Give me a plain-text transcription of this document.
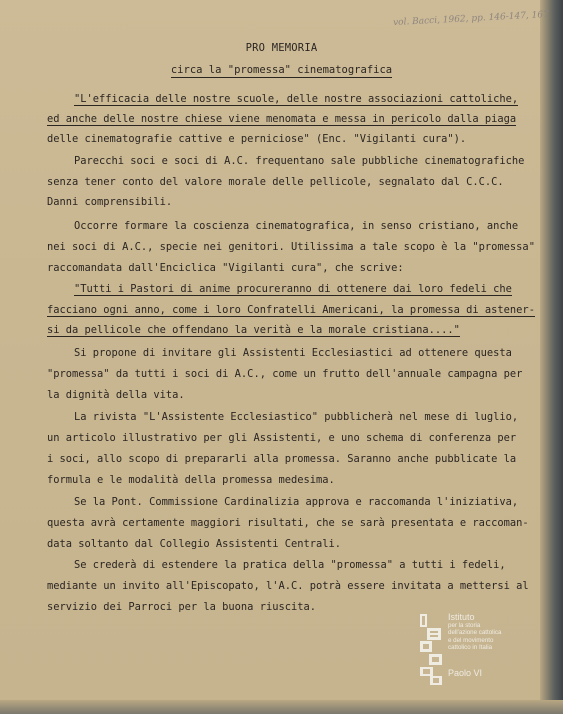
vol. Bacci, 1962, pp. 146-147, 167
PRO MEMORIA
circa la "promessa" cinematografica
"L'efficacia delle nostre scuole, delle nostre associazioni cattoliche,
ed anche delle nostre chiese viene menomata e messa in pericolo dalla piaga
delle cinematografie cattive e perniciose" (Enc. "Vigilanti cura").
Parecchi soci e soci di A.C. frequentano sale pubbliche cinematografiche
senza tener conto del valore morale delle pellicole, segnalato dal C.C.C.
Danni comprensibili.
Occorre formare la coscienza cinematografica, in senso cristiano, anche
nei soci di A.C., specie nei genitori. Utilissima a tale scopo è la "promessa"
raccomandata dall'Enciclica "Vigilanti cura", che scrive:
"Tutti i Pastori di anime procureranno di ottenere dai loro fedeli che
facciano ogni anno, come i loro Confratelli Americani, la promessa di astener-
si da pellicole che offendano la verità e la morale cristiana...."
Si propone di invitare gli Assistenti Ecclesiastici ad ottenere questa
"promessa" da tutti i soci di A.C., come un frutto dell'annuale campagna per
la dignità della vita.
La rivista "L'Assistente Ecclesiastico" pubblicherà nel mese di luglio,
un articolo illustrativo per gli Assistenti, e uno schema di conferenza per
i soci, allo scopo di prepararli alla promessa. Saranno anche pubblicate la
formula e le modalità della promessa medesima.
Se la Pont. Commissione Cardinalizia approva e raccomanda l'iniziativa,
questa avrà certamente maggiori risultati, che se sarà presentata e raccoman-
data soltanto dal Collegio Assistenti Centrali.
Se crederà di estendere la pratica della "promessa" a tutti i fedeli,
mediante un invito all'Episcopato, l'A.C. potrà essere invitata a mettersi al
servizio dei Parroci per la buona riuscita.
Istituto
per la storia
dell'azione cattolica
e del movimento
cattolico in Italia
Paolo VI
